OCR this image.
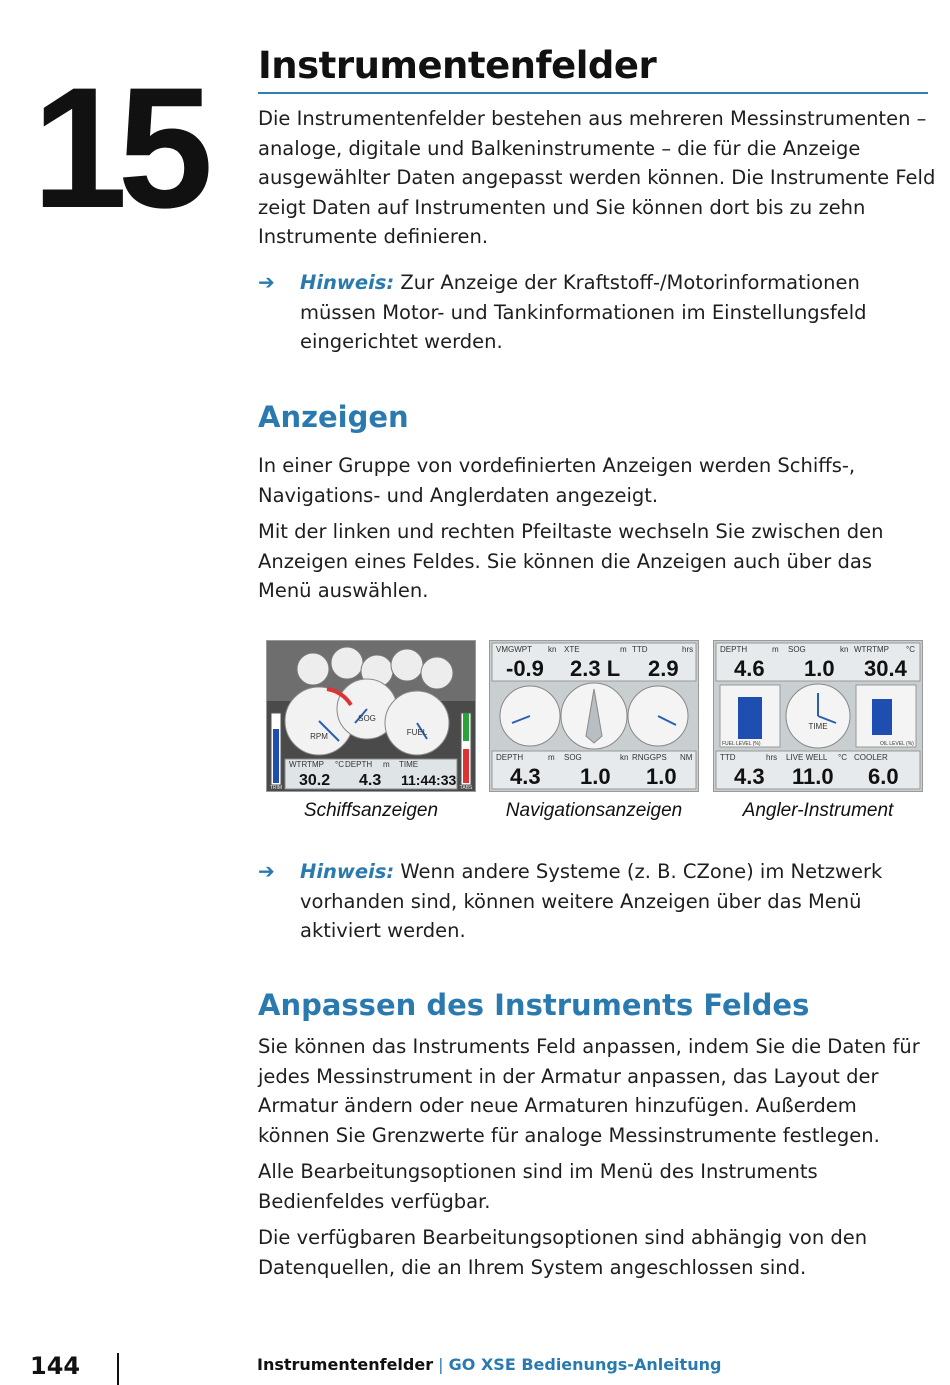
15 Instrumentenfelder

Die Instrumentenfelder bestehen aus mehreren Messinstrumenten – analoge, digitale und Balkeninstrumente – die für die Anzeige ausgewählter Daten angepasst werden können. Die Instrumente Feld zeigt Daten auf Instrumenten und Sie können dort bis zu zehn Instrumente definieren.

➔ Hinweis: Zur Anzeige der Kraftstoff-/Motorinformationen müssen Motor- und Tankinformationen im Einstellungsfeld eingerichtet werden.
Anzeigen

In einer Gruppe von vordefinierten Anzeigen werden Schiffs-, Navigations- und Anglerdaten angezeigt.

Mit der linken und rechten Pfeiltaste wechseln Sie zwischen den Anzeigen eines Feldes. Sie können die Anzeigen auch über das Menü auswählen.

RPM
SOG
FUEL
TRIM	TABS
WTRTMP °C
30.2
DEPTH m
4.3
TIME
11:44:33
Schiffsanzeigen
VMGWPT kn
-0.9
XTE	m
2.3 L
TTD	hrs
2.9
DEPTH	m
4.3
SOG	kn
1.0
RNGGPS NM
1.0
Navigationsanzeigen
DEPTH	m
4.6
SOG	kn
1.0
WTRTMP °C
30.4
FUEL LEVEL (%)	OIL LEVEL (%)
TIME
TTD	hrs
4.3
LIVE WELL °C
11.0
COOLER
6.0
Angler-Instrument
➔ Hinweis: Wenn andere Systeme (z. B. CZone) im Netzwerk vorhanden sind, können weitere Anzeigen über das Menü aktiviert werden.
Anpassen des Instruments Feldes

Sie können das Instruments Feld anpassen, indem Sie die Daten für jedes Messinstrument in der Armatur anpassen, das Layout der Armatur ändern oder neue Armaturen hinzufügen. Außerdem können Sie Grenzwerte für analoge Messinstrumente festlegen.

Alle Bearbeitungsoptionen sind im Menü des Instruments Bedienfeldes verfügbar.

Die verfügbaren Bearbeitungsoptionen sind abhängig von den Datenquellen, die an Ihrem System angeschlossen sind.

144	Instrumentenfelder | GO XSE Bedienungs-Anleitung
